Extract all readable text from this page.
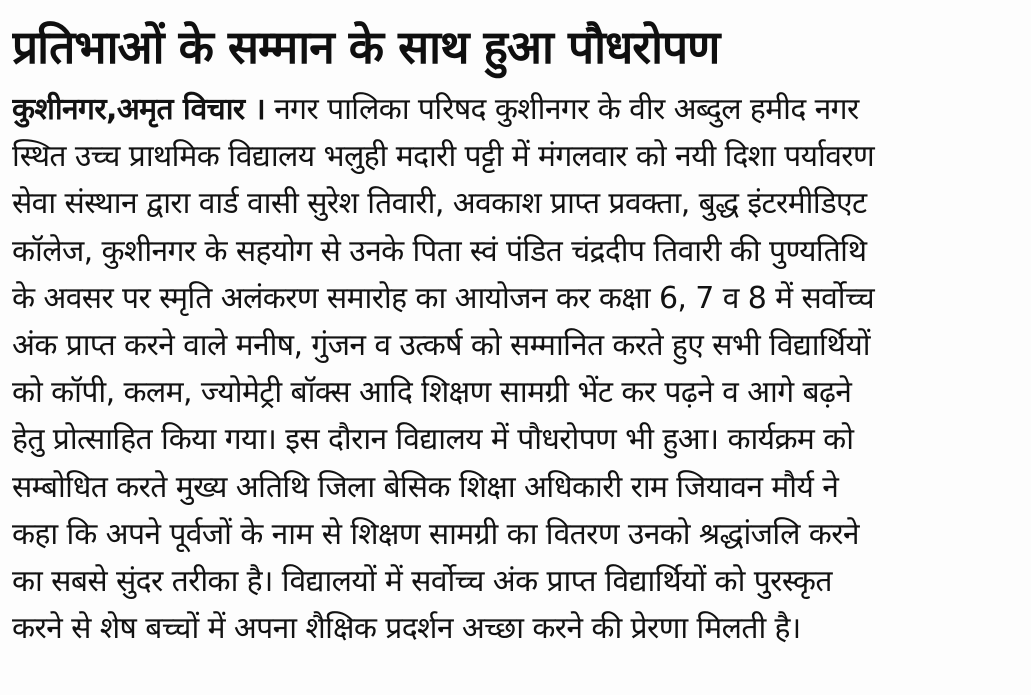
प्रतिभाओं के सम्मान के साथ हुआ पौधरोपण
कुशीनगर,अमृत विचार । नगर पालिका परिषद कुशीनगर के वीर अब्दुल हमीद नगर
स्थित उच्च प्राथमिक विद्यालय भलुही मदारी पट्टी में मंगलवार को नयी दिशा पर्यावरण
सेवा संस्थान द्वारा वार्ड वासी सुरेश तिवारी, अवकाश प्राप्त प्रवक्ता, बुद्ध इंटरमीडिएट
कॉलेज, कुशीनगर के सहयोग से उनके पिता स्वं पंडित चंद्रदीप तिवारी की पुण्यतिथि
के अवसर पर स्मृति अलंकरण समारोह का आयोजन कर कक्षा 6, 7 व 8 में सर्वोच्च
अंक प्राप्त करने वाले मनीष, गुंजन व उत्कर्ष को सम्मानित करते हुए सभी विद्यार्थियों
को कॉपी, कलम, ज्योमेट्री बॉक्स आदि शिक्षण सामग्री भेंट कर पढ़ने व आगे बढ़ने
हेतु प्रोत्साहित किया गया। इस दौरान विद्यालय में पौधरोपण भी हुआ। कार्यक्रम को
सम्बोधित करते मुख्य अतिथि जिला बेसिक शिक्षा अधिकारी राम जियावन मौर्य ने
कहा कि अपने पूर्वजों के नाम से शिक्षण सामग्री का वितरण उनको श्रद्धांजलि करने
का सबसे सुंदर तरीका है। विद्यालयों में सर्वोच्च अंक प्राप्त विद्यार्थियों को पुरस्कृत
करने से शेष बच्चों में अपना शैक्षिक प्रदर्शन अच्छा करने की प्रेरणा मिलती है।
